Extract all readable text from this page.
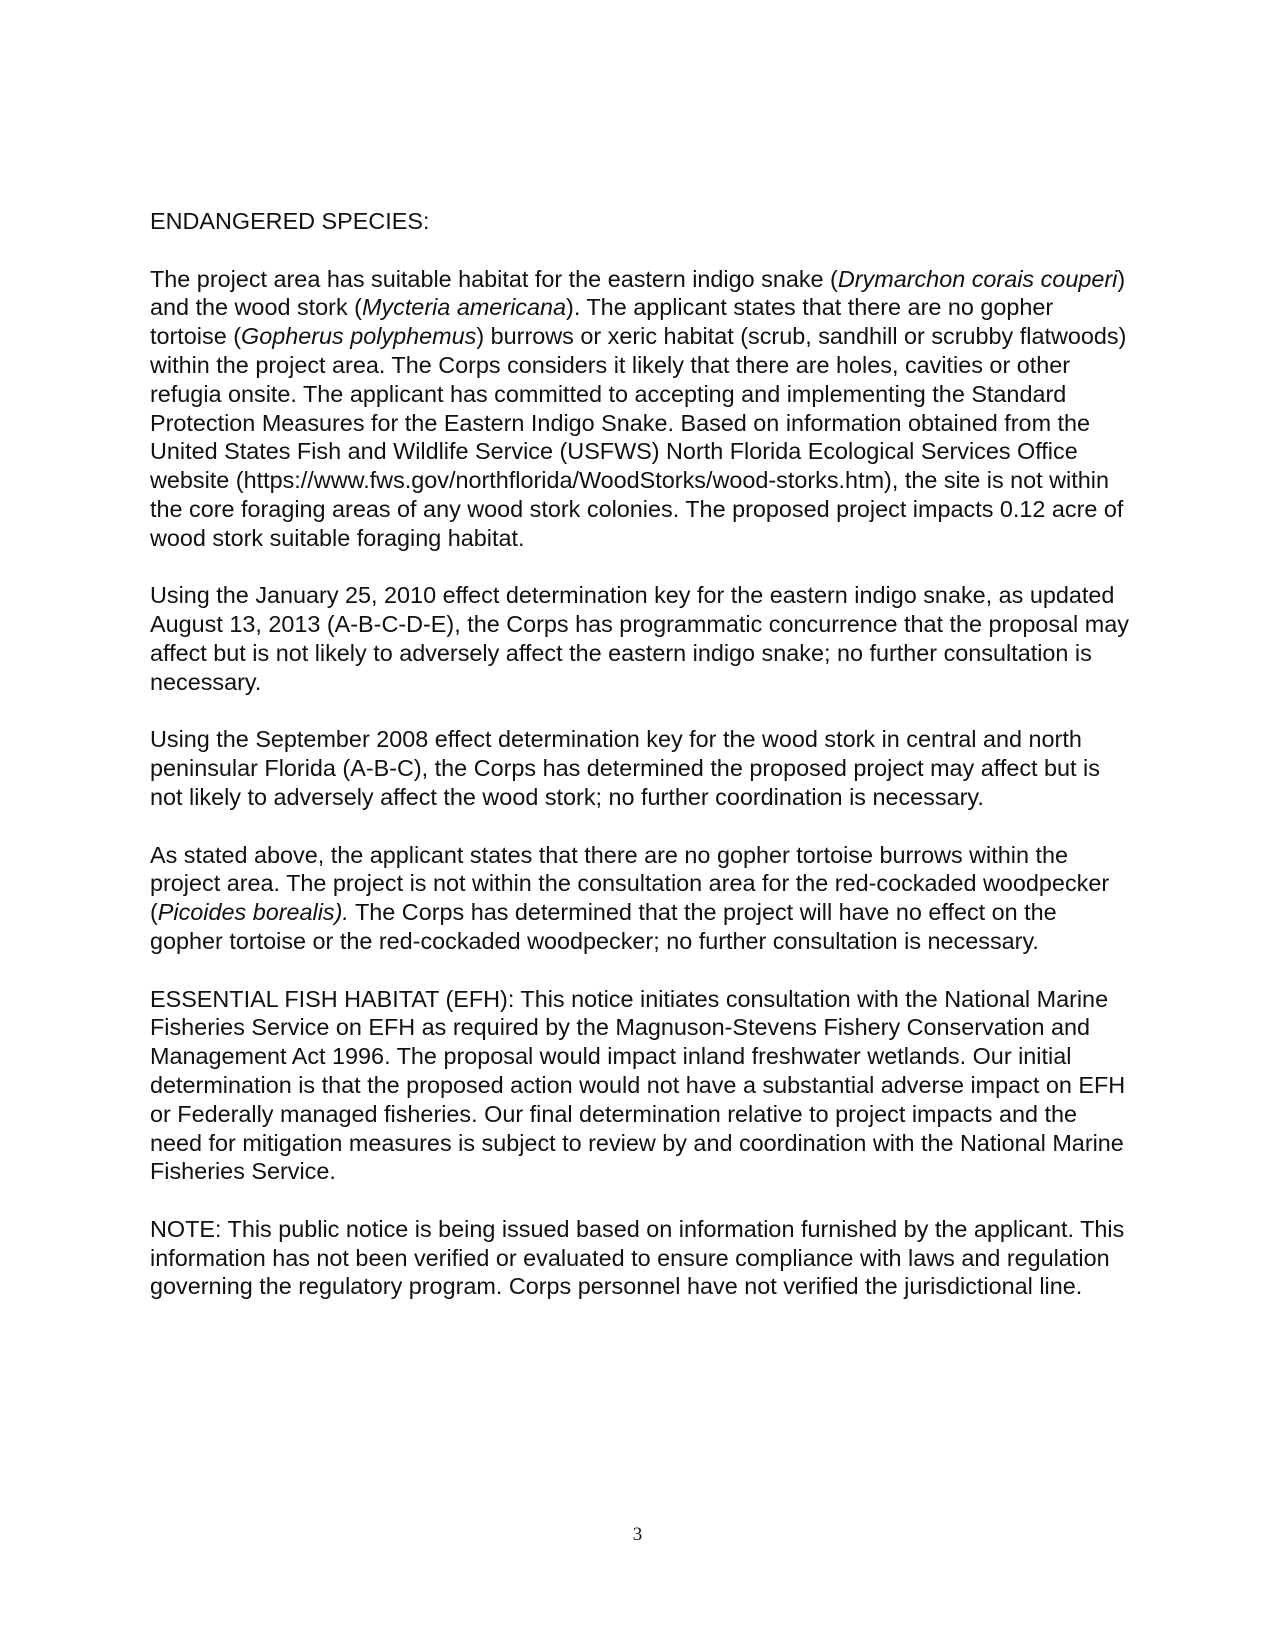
ENDANGERED SPECIES:

The project area has suitable habitat for the eastern indigo snake (Drymarchon corais couperi) and the wood stork (Mycteria americana). The applicant states that there are no gopher tortoise (Gopherus polyphemus) burrows or xeric habitat (scrub, sandhill or scrubby flatwoods) within the project area. The Corps considers it likely that there are holes, cavities or other refugia onsite. The applicant has committed to accepting and implementing the Standard Protection Measures for the Eastern Indigo Snake. Based on information obtained from the United States Fish and Wildlife Service (USFWS) North Florida Ecological Services Office website (https://www.fws.gov/northflorida/WoodStorks/wood-storks.htm), the site is not within the core foraging areas of any wood stork colonies. The proposed project impacts 0.12 acre of wood stork suitable foraging habitat.

Using the January 25, 2010 effect determination key for the eastern indigo snake, as updated August 13, 2013 (A-B-C-D-E), the Corps has programmatic concurrence that the proposal may affect but is not likely to adversely affect the eastern indigo snake; no further consultation is necessary.

Using the September 2008 effect determination key for the wood stork in central and north peninsular Florida (A-B-C), the Corps has determined the proposed project may affect but is not likely to adversely affect the wood stork; no further coordination is necessary.

As stated above, the applicant states that there are no gopher tortoise burrows within the project area. The project is not within the consultation area for the red-cockaded woodpecker (Picoides borealis). The Corps has determined that the project will have no effect on the gopher tortoise or the red-cockaded woodpecker; no further consultation is necessary.

ESSENTIAL FISH HABITAT (EFH): This notice initiates consultation with the National Marine Fisheries Service on EFH as required by the Magnuson-Stevens Fishery Conservation and Management Act 1996. The proposal would impact inland freshwater wetlands. Our initial determination is that the proposed action would not have a substantial adverse impact on EFH or Federally managed fisheries. Our final determination relative to project impacts and the need for mitigation measures is subject to review by and coordination with the National Marine Fisheries Service.

NOTE: This public notice is being issued based on information furnished by the applicant. This information has not been verified or evaluated to ensure compliance with laws and regulation governing the regulatory program. Corps personnel have not verified the jurisdictional line.

3
